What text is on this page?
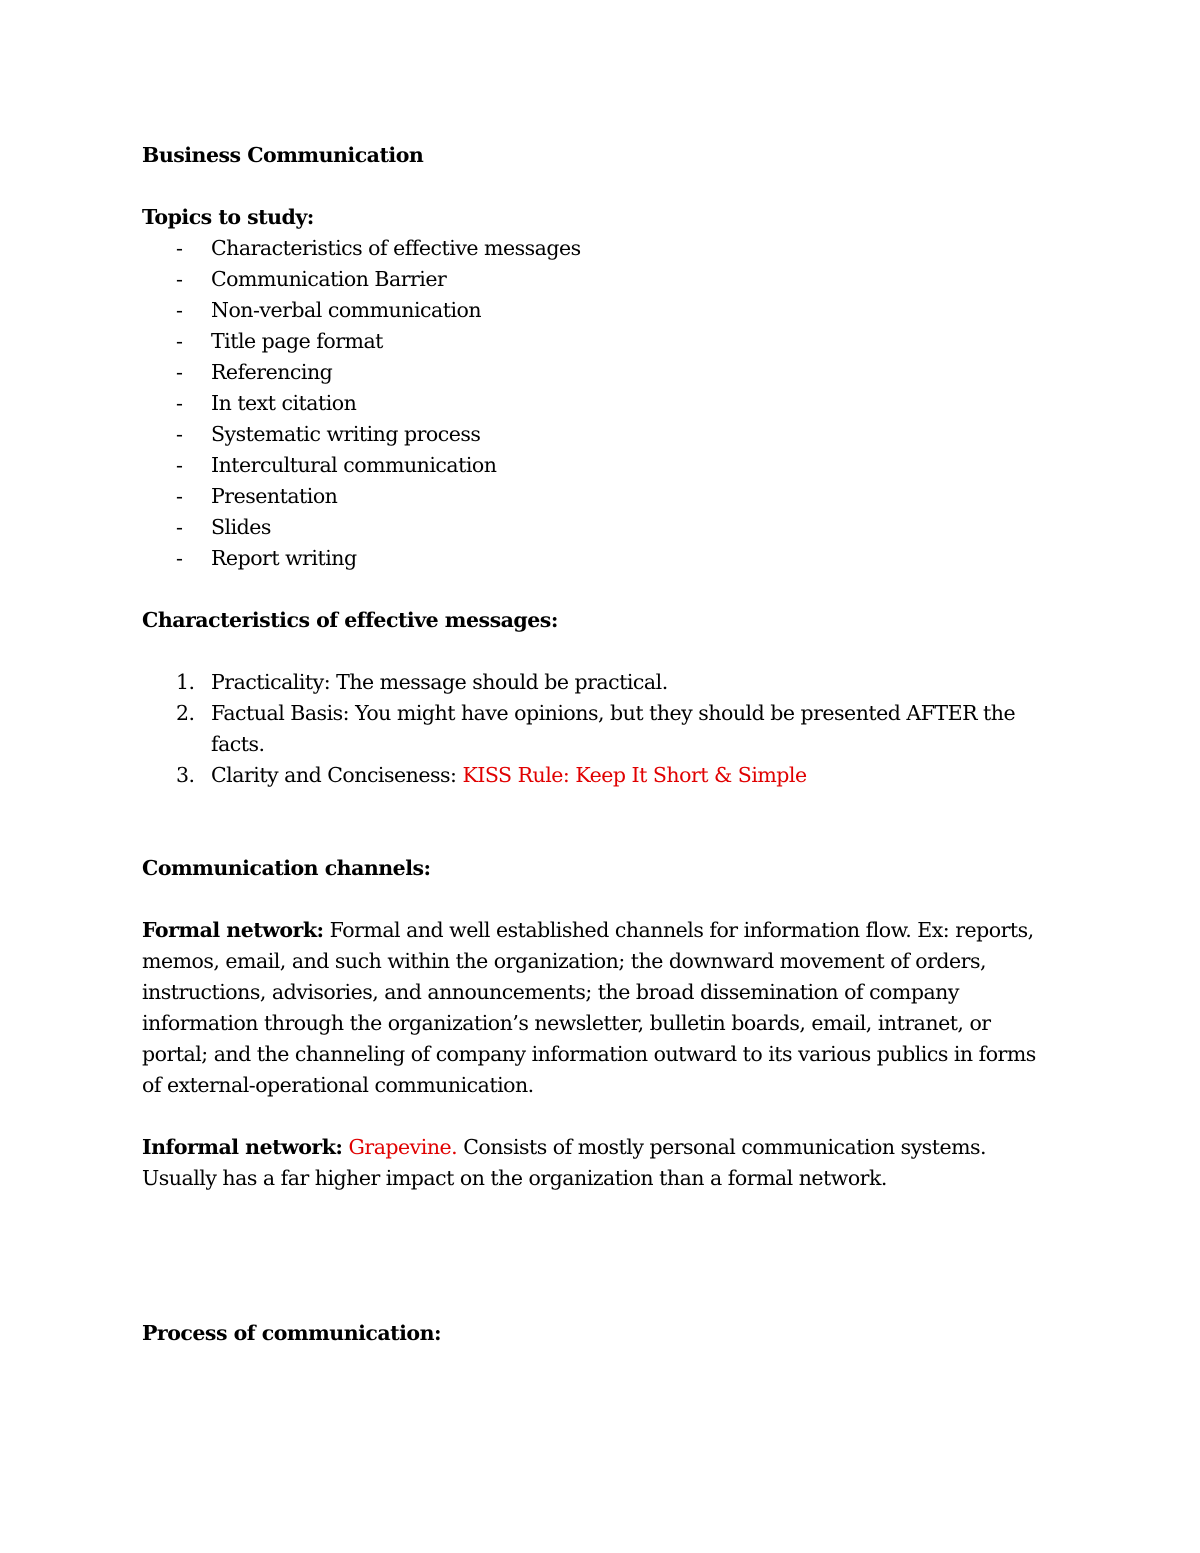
Business Communication

Topics to study:

- Characteristics of effective messages
- Communication Barrier
- Non-verbal communication
- Title page format
- Referencing
- In text citation
- Systematic writing process
- Intercultural communication
- Presentation
- Slides
- Report writing

Characteristics of effective messages:

1. Practicality: The message should be practical.
2. Factual Basis: You might have opinions, but they should be presented AFTER the facts.
3. Clarity and Conciseness: KISS Rule: Keep It Short & Simple

Communication channels:

Formal network: Formal and well established channels for information flow. Ex: reports, memos, email, and such within the organization; the downward movement of orders, instructions, advisories, and announcements; the broad dissemination of company information through the organization’s newsletter, bulletin boards, email, intranet, or portal; and the channeling of company information outward to its various publics in forms of external-operational communication.

Informal network: Grapevine. Consists of mostly personal communication systems. Usually has a far higher impact on the organization than a formal network.

Process of communication:
